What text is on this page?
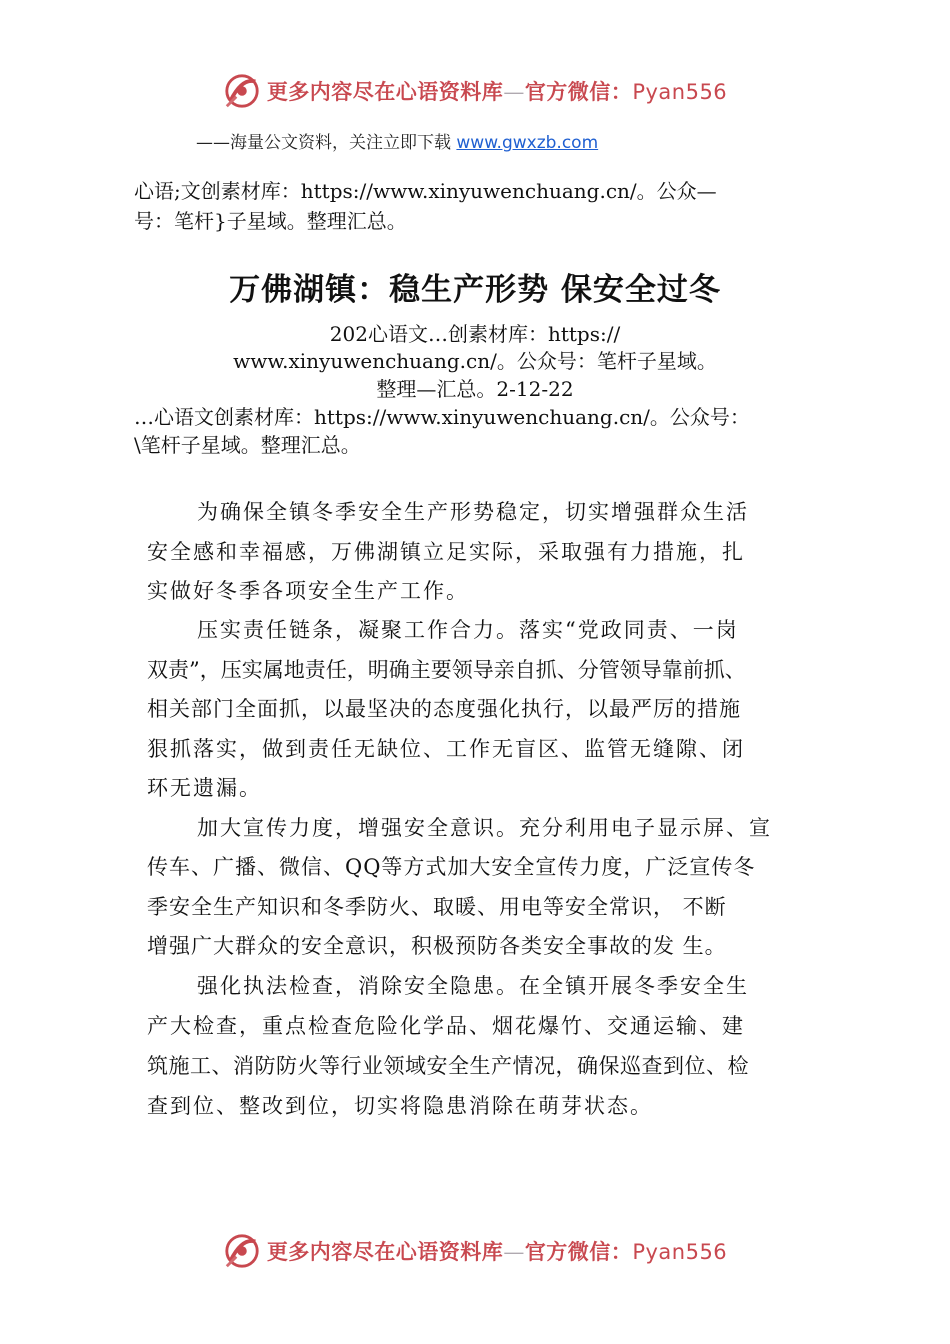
更多内容尽在心语资料库—官方微信：Pyan556
——海量公文资料，关注立即下载 www.gwxzb.com
心语;文创素材库：https://www.xinyuwenchuang.cn/。公众—
号：笔杆}子星域。整理汇总。
万佛湖镇：稳生产形势 保安全过冬
202心语文…创素材库：https://
www.xinyuwenchuang.cn/。公众号：笔杆子星域。
整理—汇总。2-12-22
…心语文创素材库：https://www.xinyuwenchuang.cn/。公众号：
\笔杆子星域。整理汇总。
为确保全镇冬季安全生产形势稳定，切实增强群众生活
安全感和幸福感，万佛湖镇立足实际，采取强有力措施，扎
实做好冬季各项安全生产工作。
压实责任链条，凝聚工作合力。落实“党政同责、一岗
双责”，压实属地责任，明确主要领导亲自抓、分管领导靠前抓、
相关部门全面抓，以最坚决的态度强化执行，以最严厉的措施
狠抓落实，做到责任无缺位、工作无盲区、监管无缝隙、闭
环无遗漏。
加大宣传力度，增强安全意识。充分利用电子显示屏、宣
传车、广播、微信、QQ等方式加大安全宣传力度，广泛宣传冬
季安全生产知识和冬季防火、取暖、用电等安全常识， 不断
增强广大群众的安全意识，积极预防各类安全事故的发 生。
强化执法检查，消除安全隐患。在全镇开展冬季安全生
产大检查，重点检查危险化学品、烟花爆竹、交通运输、建
筑施工、消防防火等行业领域安全生产情况，确保巡查到位、检
查到位、整改到位，切实将隐患消除在萌芽状态。
更多内容尽在心语资料库—官方微信：Pyan556
